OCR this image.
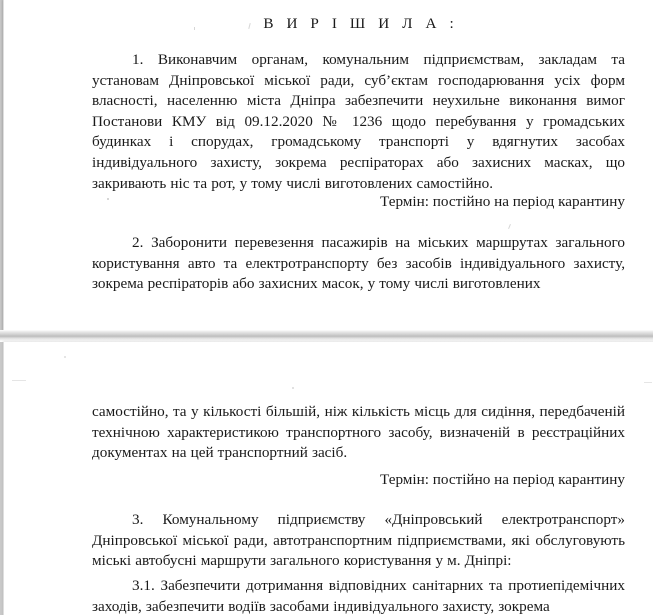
В И Р І Ш И Л А :

1. Виконавчим органам, комунальним підприємствам, закладам та установам Дніпровської міської ради, суб’єктам господарювання усіх форм власності, населенню міста Дніпра забезпечити неухильне виконання вимог Постанови КМУ від 09.12.2020 № 1236 щодо перебування у громадських будинках і спорудах, громадському транспорті у вдягнутих засобах індивідуального захисту, зокрема респіраторах або захисних масках, що закривають ніс та рот, у тому числі виготовлених самостійно.

Термін: постійно на період карантину

2. Заборонити перевезення пасажирів на міських маршрутах загального користування авто та електротранспорту без засобів індивідуального захисту, зокрема респіраторів або захисних масок, у тому числі виготовлених

самостійно, та у кількості більшій, ніж кількість місць для сидіння, передбаченій технічною характеристикою транспортного засобу, визначеній в реєстраційних документах на цей транспортний засіб.

Термін: постійно на період карантину

3. Комунальному підприємству «Дніпровський електротранспорт» Дніпровської міської ради, автотранспортним підприємствами, які обслуговують міські автобусні маршрути загального користування у м. Дніпрі:

3.1. Забезпечити дотримання відповідних санітарних та протиепідемічних заходів, забезпечити водіїв засобами індивідуального захисту, зокрема
